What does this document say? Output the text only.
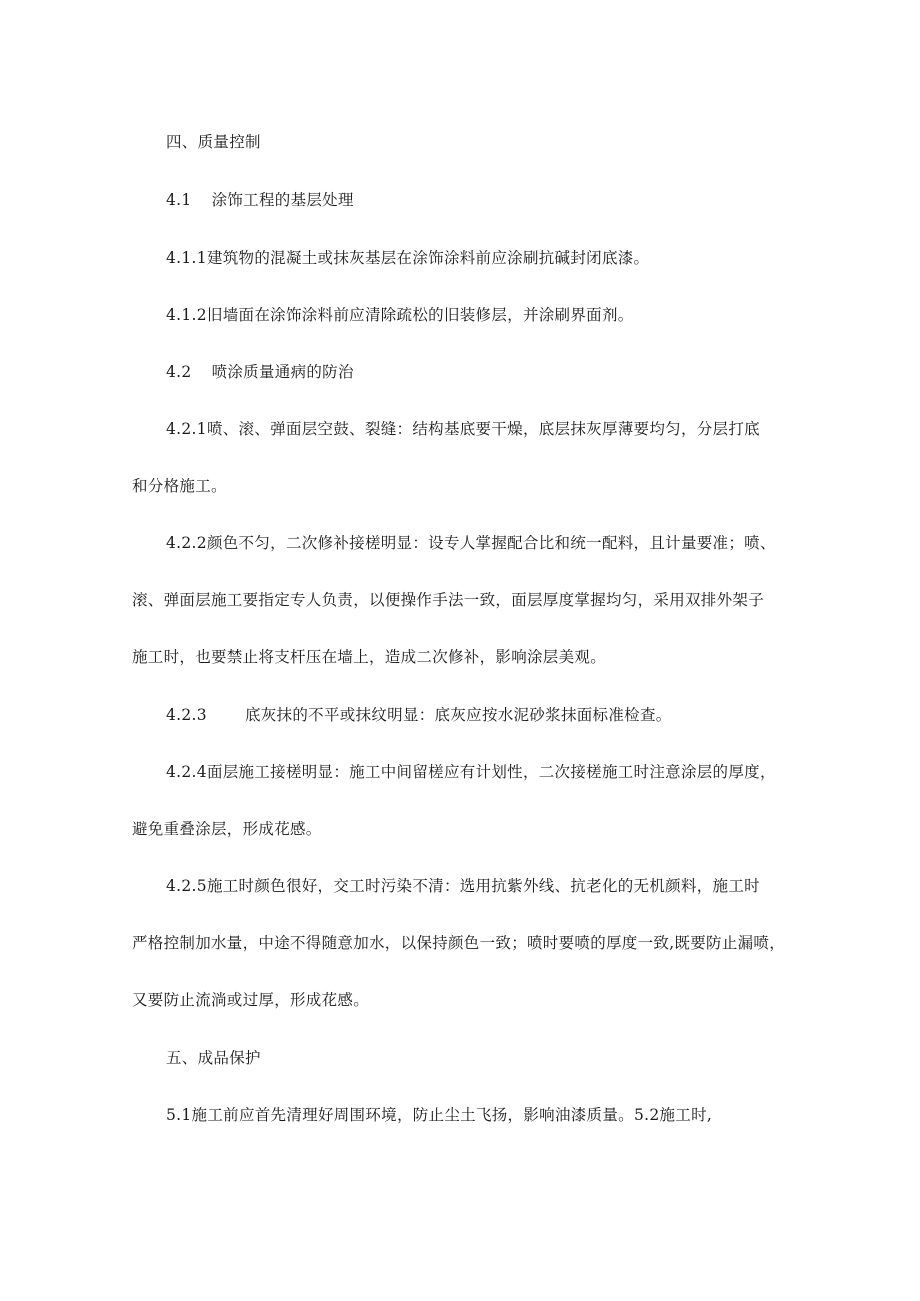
四、质量控制
4.1 涂饰工程的基层处理
4.1.1建筑物的混凝土或抹灰基层在涂饰涂料前应涂刷抗碱封闭底漆。
4.1.2旧墙面在涂饰涂料前应清除疏松的旧装修层，并涂刷界面剂。
4.2 喷涂质量通病的防治
4.2.1喷、滚、弹面层空鼓、裂缝：结构基底要干燥，底层抹灰厚薄要均匀，分层打底
和分格施工。
4.2.2颜色不匀，二次修补接槎明显：设专人掌握配合比和统一配料，且计量要准；喷、
滚、弹面层施工要指定专人负责，以便操作手法一致，面层厚度掌握均匀，采用双排外架子
施工时，也要禁止将支杆压在墙上，造成二次修补，影响涂层美观。
4.2.3 底灰抹的不平或抹纹明显：底灰应按水泥砂浆抹面标准检查。
4.2.4面层施工接槎明显：施工中间留槎应有计划性，二次接槎施工时注意涂层的厚度，
避免重叠涂层，形成花感。
4.2.5施工时颜色很好，交工时污染不清：选用抗紫外线、抗老化的无机颜料，施工时
严格控制加水量，中途不得随意加水，以保持颜色一致；喷时要喷的厚度一致,既要防止漏喷，
又要防止流淌或过厚，形成花感。
五、成品保护
5.1施工前应首先清理好周围环境，防止尘土飞扬，影响油漆质量。5.2施工时,
